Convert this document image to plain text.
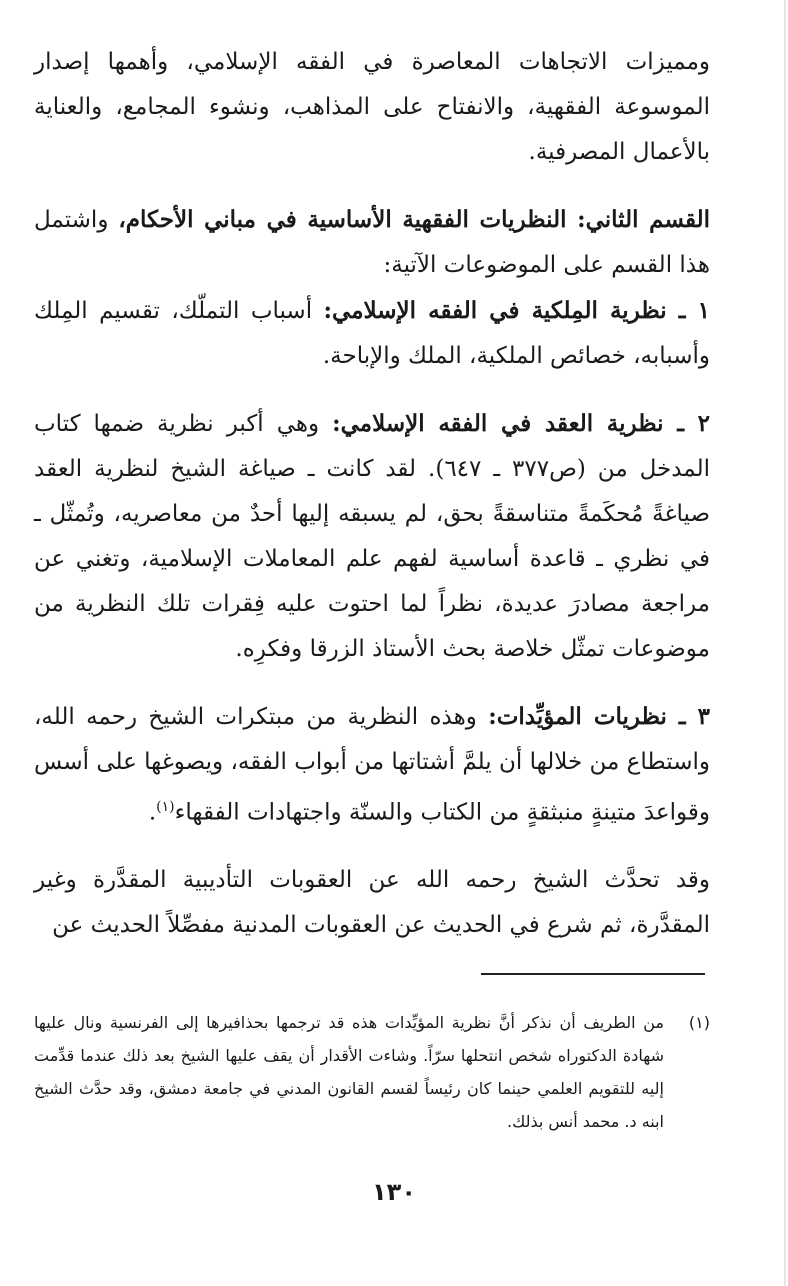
ومميزات الاتجاهات المعاصرة في الفقه الإسلامي، وأهمها إصدار الموسوعة الفقهية، والانفتاح على المذاهب، ونشوء المجامع، والعناية بالأعمال المصرفية.

القسم الثاني: النظريات الفقهية الأساسية في مباني الأحكام، واشتمل هذا القسم على الموضوعات الآتية:

١ ـ نظرية المِلكية في الفقه الإسلامي: أسباب التملّك، تقسيم المِلك وأسبابه، خصائص الملكية، الملك والإباحة.

٢ ـ نظرية العقد في الفقه الإسلامي: وهي أكبر نظرية ضمها كتاب المدخل من (ص٣٧٧ ـ ٦٤٧). لقد كانت ـ صياغة الشيخ لنظرية العقد صياغةً مُحكَمةً متناسقةً بحق، لم يسبقه إليها أحدٌ من معاصريه، وتُمثّل ـ في نظري ـ قاعدة أساسية لفهم علم المعاملات الإسلامية، وتغني عن مراجعة مصادرَ عديدة، نظراً لما احتوت عليه فِقرات تلك النظرية من موضوعات تمثّل خلاصة بحث الأستاذ الزرقا وفكرِه.

٣ ـ نظريات المؤيِّدات: وهذه النظرية من مبتكرات الشيخ رحمه الله، واستطاع من خلالها أن يلمَّ أشتاتها من أبواب الفقه، ويصوغها على أسس وقواعدَ متينةٍ منبثقةٍ من الكتاب والسنّة واجتهادات الفقهاء$^{(١)}$.

وقد تحدَّث الشيخ رحمه الله عن العقوبات التأديبية المقدَّرة وغير المقدَّرة، ثم شرع في الحديث عن العقوبات المدنية مفصِّلاً الحديث عن

(١)
من الطريف أن نذكر أنَّ نظرية المؤيِّدات هذه قد ترجمها بحذافيرها إلى الفرنسية ونال عليها شهادة الدكتوراه شخص انتحلها سرّاً. وشاءت الأقدار أن يقف عليها الشيخ بعد ذلك عندما قدِّمت إليه للتقويم العلمي حينما كان رئيساً لقسم القانون المدني في جامعة دمشق، وقد حدَّث الشيخ ابنه د. محمد أنس بذلك.
١٣٠
